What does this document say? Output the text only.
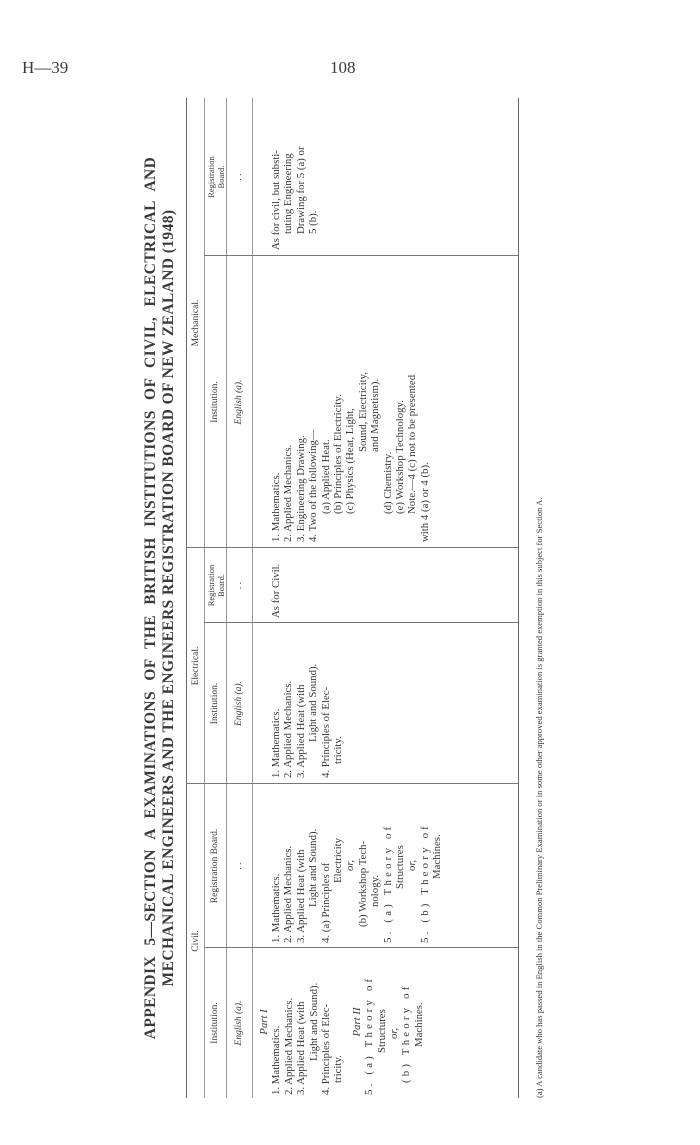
H—39	108
APPENDIX 5—SECTION A EXAMINATIONS OF THE BRITISH INSTITUTIONS OF CIVIL, ELECTRICAL AND MECHANICAL ENGINEERS AND THE ENGINEERS REGISTRATION BOARD OF NEW ZEALAND (1948) Civil.
Electrical.
Mechanical.
Institution.
Registration Board.
Institution.
Registration Board.
Institution.
Registration Board.
English (a).
. .
English (a).
. .
English (a).
. .
Part I
1. Mathematics. 2. Applied Mechanics. 3. Applied Heat (with Light and Sound). 4. Principles of Elec- tricity.
Part II 5. (a) Theory of Structures or, (b) Theory of Machines.
1. Mathematics. 2. Applied Mechanics. 3. Applied Heat (with Light and Sound). 4. (a) Principles of
Electricity or, (b) Workshop Tech- nology. 5. (a) Theory of Structures or, 5. (b) Theory of Machines.
1. Mathematics. 2. Applied Mechanics. 3. Applied Heat (with Light and Sound). 4. Principles of Elec- tricity.
As for Civil.
1. Mathematics. 2. Applied Mechanics. 3. Engineering Drawing. 4. Two of the following— (a) Applied Heat. (b) Principles of Electricity. (c) Physics (Heat, Light, Sound, Electricity, and Magnetism).
(d) Chemistry. (e) Workshop Technology. Note.—4 (c) not to be presented with 4 (a) or 4 (b).
As for civil, but substi- tuting Engineering Drawing for 5 (a) or 5 (b).
(a) A candidate who has passed in English in the Common Preliminary Examination or in some other approved examination is granted exemption in this subject for Section A.
